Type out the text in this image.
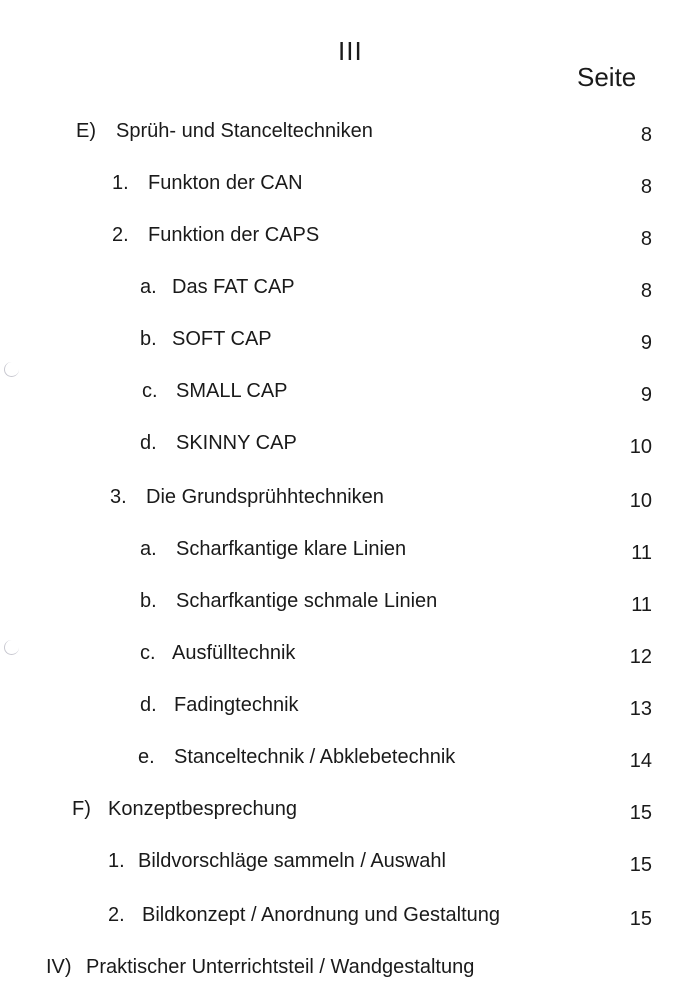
III
Seite
E) Sprüh- und Stanceltechniken	8
1. Funkton der CAN	8
2. Funktion der CAPS	8
a. Das FAT CAP	8
b. SOFT CAP	9
c. SMALL CAP	9
d. SKINNY CAP	10
3. Die Grundsprühhtechniken	10
a. Scharfkantige klare Linien	11
b. Scharfkantige schmale Linien	11
c. Ausfülltechnik	12
d. Fadingtechnik	13
e. Stanceltechnik / Abklebetechnik	14
F) Konzeptbesprechung	15
1. Bildvorschläge sammeln / Auswahl	15
2. Bildkonzept / Anordnung und Gestaltung	15
IV) Praktischer Unterrichtsteil / Wandgestaltung
